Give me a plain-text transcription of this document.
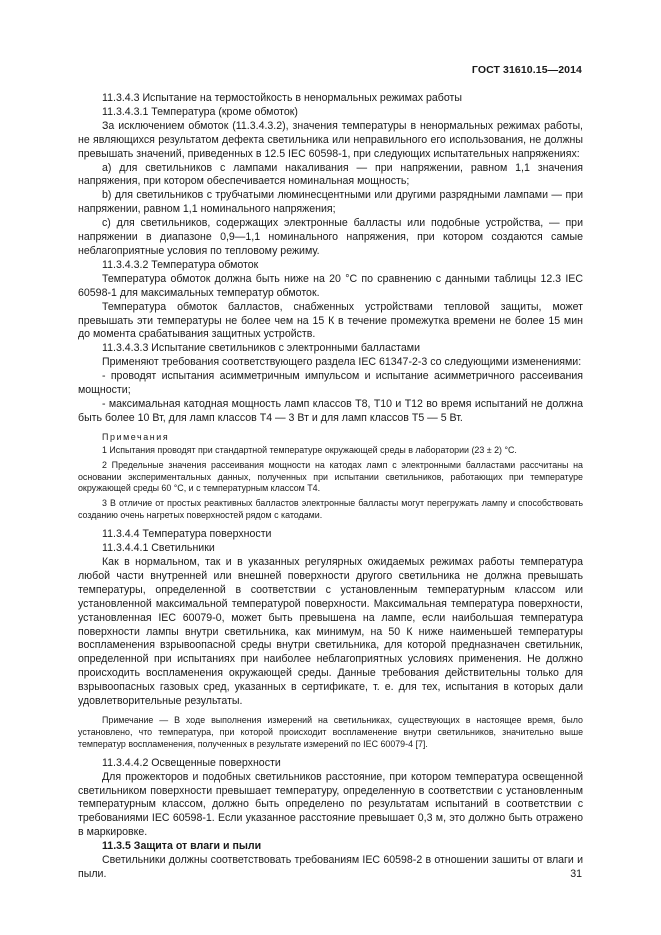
ГОСТ 31610.15—2014

11.3.4.3 Испытание на термостойкость в ненормальных режимах работы

11.3.4.3.1 Температура (кроме обмоток)

За исключением обмоток (11.3.4.3.2), значения температуры в ненормальных режимах работы, не являющихся результатом дефекта светильника или неправильного его использования, не должны превышать значений, приведенных в 12.5 IEC 60598-1, при следующих испытательных напряжениях:

а) для светильников с лампами накаливания — при напряжении, равном 1,1 значения напряжения, при котором обеспечивается номинальная мощность;

b) для светильников с трубчатыми люминесцентными или другими разрядными лампами — при напряжении, равном 1,1 номинального напряжения;

с) для светильников, содержащих электронные балласты или подобные устройства, — при напряжении в диапазоне 0,9—1,1 номинального напряжения, при котором создаются самые неблагоприятные условия по тепловому режиму.

11.3.4.3.2 Температура обмоток

Температура обмоток должна быть ниже на 20 °С по сравнению с данными таблицы 12.3 IEC 60598-1 для максимальных температур обмоток.

Температура обмоток балластов, снабженных устройствами тепловой защиты, может превышать эти температуры не более чем на 15 К в течение промежутка времени не более 15 мин до момента срабатывания защитных устройств.

11.3.4.3.3 Испытание светильников с электронными балластами

Применяют требования соответствующего раздела IEC 61347-2-3 со следующими изменениями:

- проводят испытания асимметричным импульсом и испытание асимметричного рассеивания мощности;

- максимальная катодная мощность ламп классов Т8, Т10 и Т12 во время испытаний не должна быть более 10 Вт, для ламп классов Т4 — 3 Вт и для ламп классов Т5 — 5 Вт.

Примечания

1 Испытания проводят при стандартной температуре окружающей среды в лаборатории (23 ± 2) °С.

2 Предельные значения рассеивания мощности на катодах ламп с электронными балластами рассчитаны на основании экспериментальных данных, полученных при испытании светильников, работающих при температуре окружающей среды 60 °С, и с температурным классом Т4.

3 В отличие от простых реактивных балластов электронные балласты могут перегружать лампу и способствовать созданию очень нагретых поверхностей рядом с катодами.

11.3.4.4 Температура поверхности

11.3.4.4.1 Светильники

Как в нормальном, так и в указанных регулярных ожидаемых режимах работы температура любой части внутренней или внешней поверхности другого светильника не должна превышать температуры, определенной в соответствии с установленным температурным классом или установленной максимальной температурой поверхности. Максимальная температура поверхности, установленная IEC 60079-0, может быть превышена на лампе, если наибольшая температура поверхности лампы внутри светильника, как минимум, на 50 К ниже наименьшей температуры воспламенения взрывоопасной среды внутри светильника, для которой предназначен светильник, определенной при испытаниях при наиболее неблагоприятных условиях применения. Не должно происходить воспламенения окружающей среды. Данные требования действительны только для взрывоопасных газовых сред, указанных в сертификате, т. е. для тех, испытания в которых дали удовлетворительные результаты.

Примечание — В ходе выполнения измерений на светильниках, существующих в настоящее время, было установлено, что температура, при которой происходит воспламенение внутри светильников, значительно выше температур воспламенения, полученных в результате измерений по IEC 60079-4 [7].

11.3.4.4.2 Освещенные поверхности

Для прожекторов и подобных светильников расстояние, при котором температура освещенной светильником поверхности превышает температуру, определенную в соответствии с установленным температурным классом, должно быть определено по результатам испытаний в соответствии с требованиями IEC 60598-1. Если указанное расстояние превышает 0,3 м, это должно быть отражено в маркировке.

11.3.5 Защита от влаги и пыли

Светильники должны соответствовать требованиям IEC 60598-2 в отношении зашиты от влаги и пыли.	31
